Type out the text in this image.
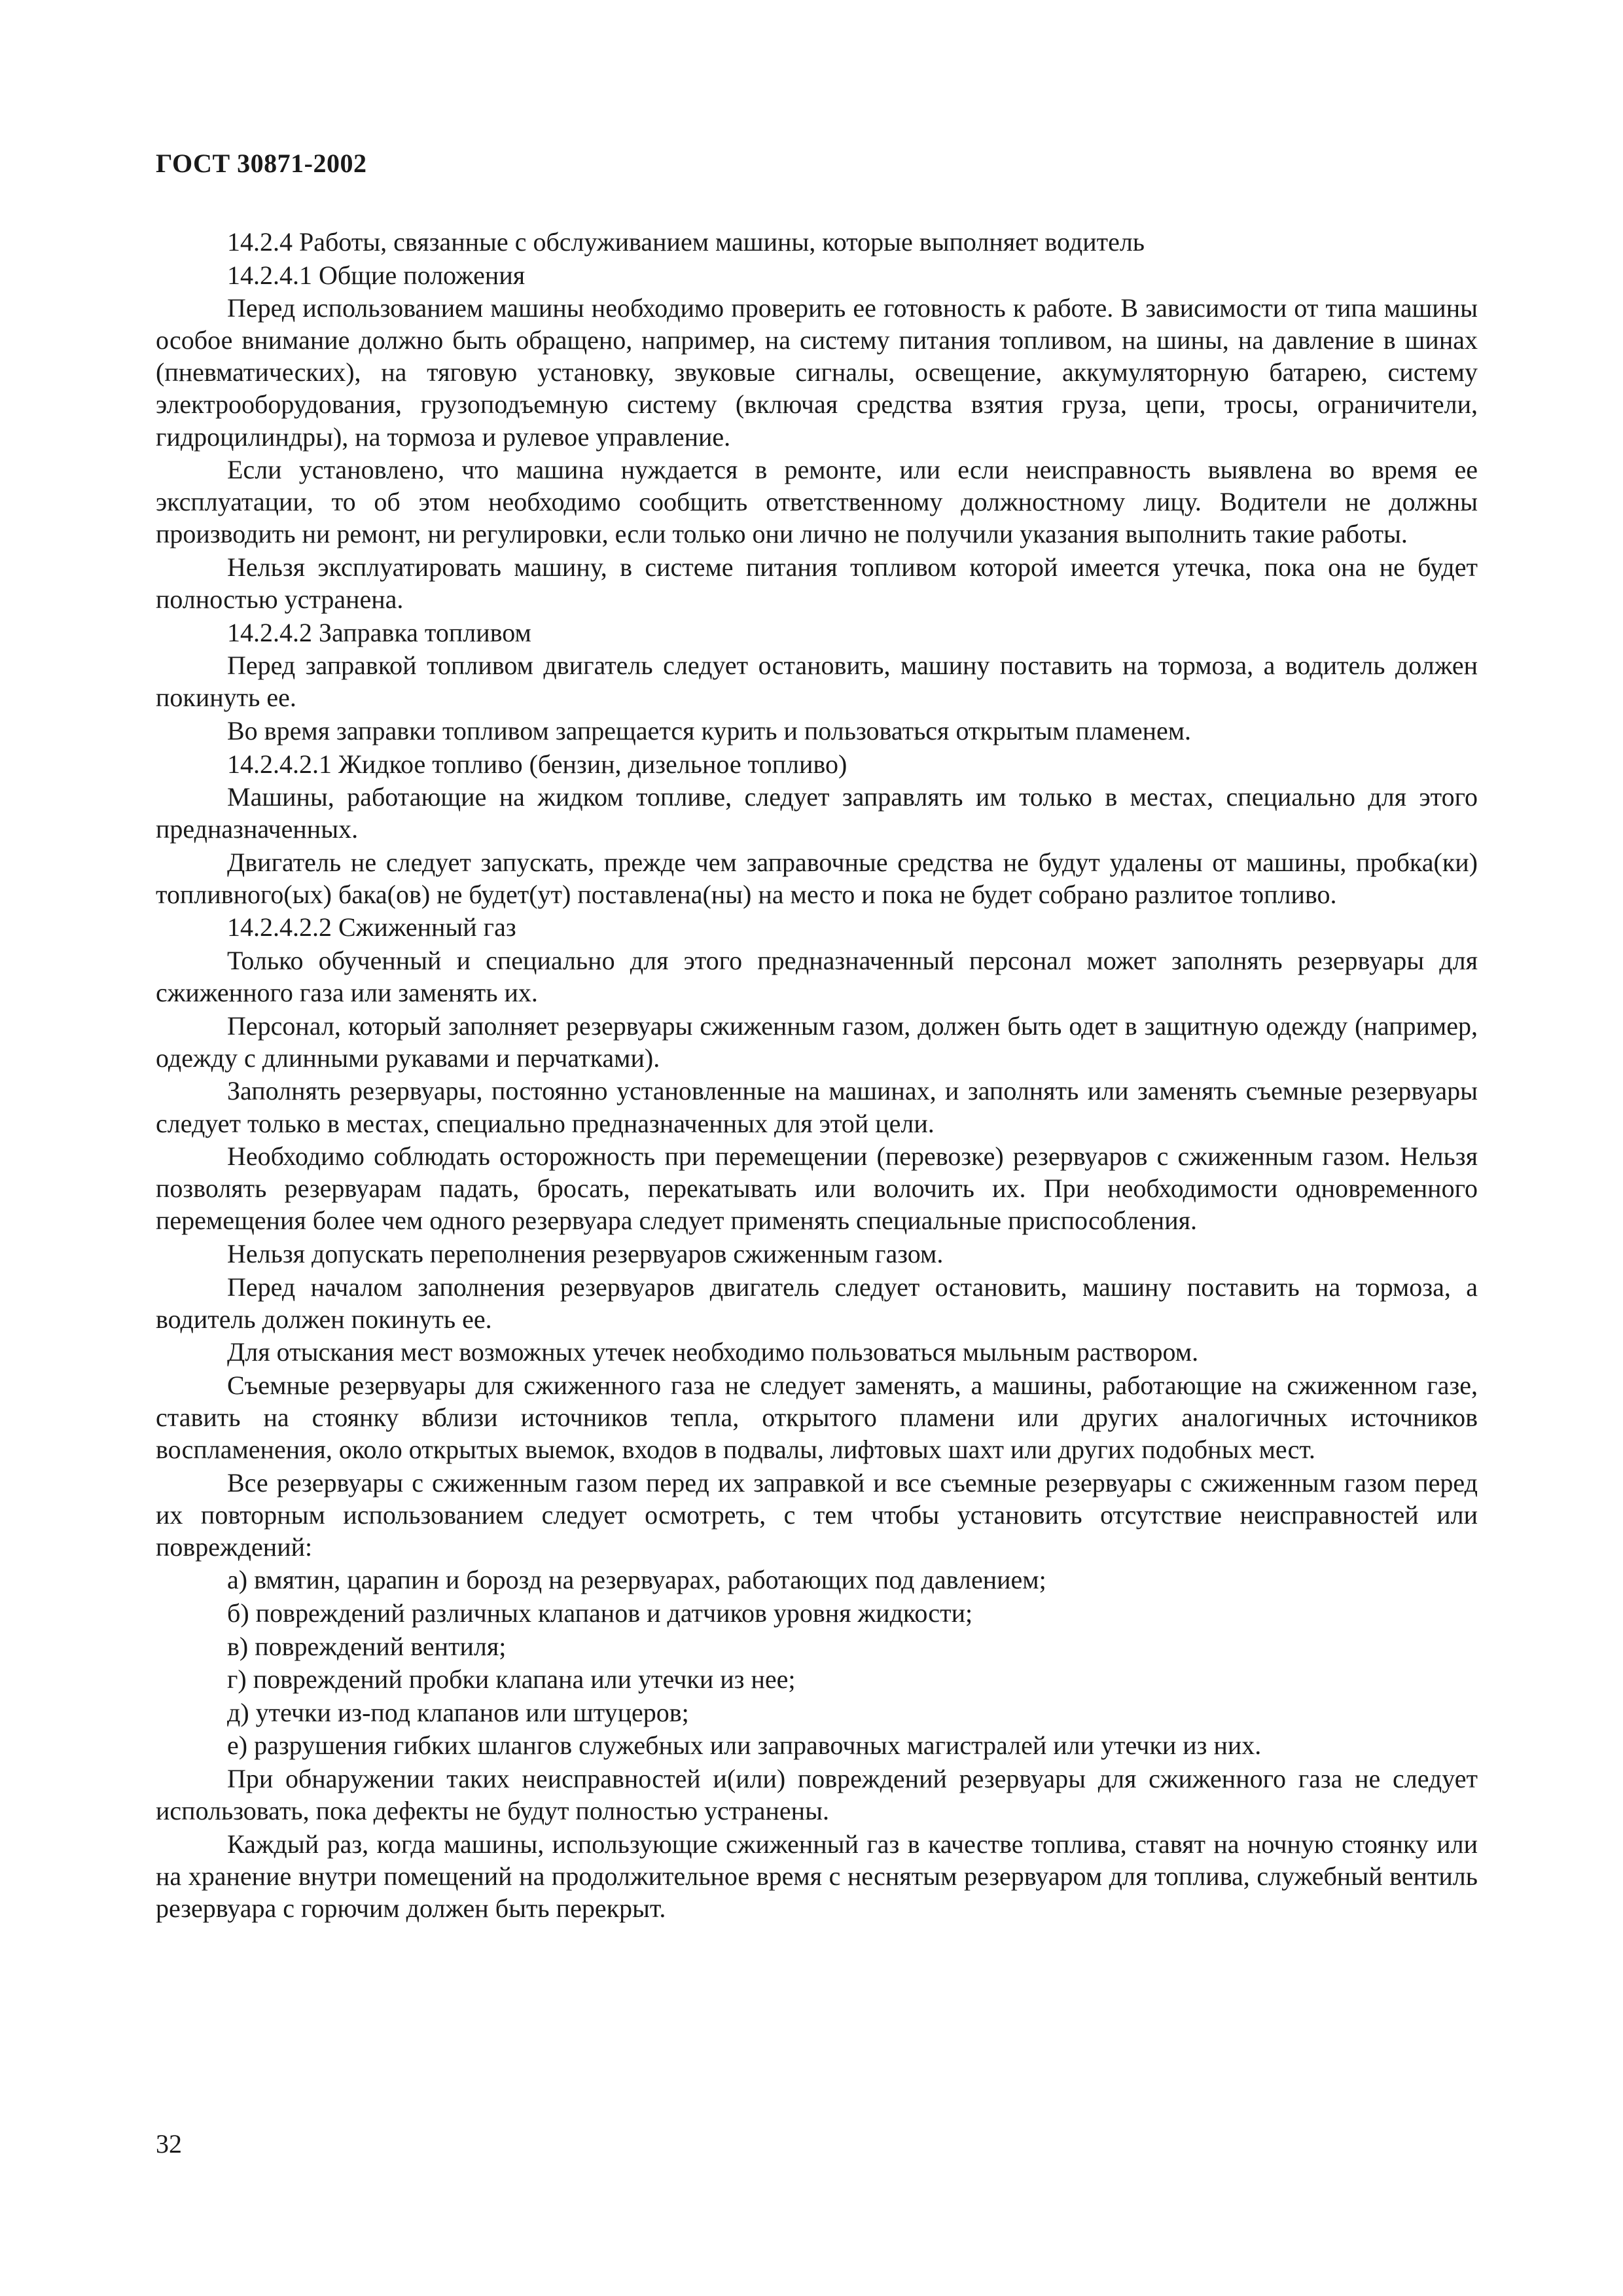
ГОСТ 30871-2002
14.2.4 Работы, связанные с обслуживанием машины, которые выполняет водитель
14.2.4.1 Общие положения
Перед использованием машины необходимо проверить ее готовность к работе. В зависимости от типа машины особое внимание должно быть обращено, например, на систему питания топливом, на шины, на давление в шинах (пневматических), на тяговую установку, звуковые сигналы, освещение, аккумуляторную батарею, систему электрооборудования, грузоподъемную систему (включая средства взятия груза, цепи, тросы, ограничители, гидроцилиндры), на тормоза и рулевое управление.
Если установлено, что машина нуждается в ремонте, или если неисправность выявлена во время ее эксплуатации, то об этом необходимо сообщить ответственному должностному лицу. Водители не должны производить ни ремонт, ни регулировки, если только они лично не получили указания выполнить такие работы.
Нельзя эксплуатировать машину, в системе питания топливом которой имеется утечка, пока она не будет полностью устранена.
14.2.4.2 Заправка топливом
Перед заправкой топливом двигатель следует остановить, машину поставить на тормоза, а водитель должен покинуть ее.
Во время заправки топливом запрещается курить и пользоваться открытым пламенем.
14.2.4.2.1 Жидкое топливо (бензин, дизельное топливо)
Машины, работающие на жидком топливе, следует заправлять им только в местах, специально для этого предназначенных.
Двигатель не следует запускать, прежде чем заправочные средства не будут удалены от машины, пробка(ки) топливного(ых) бака(ов) не будет(ут) поставлена(ны) на место и пока не будет собрано разлитое топливо.
14.2.4.2.2 Сжиженный газ
Только обученный и специально для этого предназначенный персонал может заполнять резервуары для сжиженного газа или заменять их.
Персонал, который заполняет резервуары сжиженным газом, должен быть одет в защитную одежду (например, одежду с длинными рукавами и перчатками).
Заполнять резервуары, постоянно установленные на машинах, и заполнять или заменять съемные резервуары следует только в местах, специально предназначенных для этой цели.
Необходимо соблюдать осторожность при перемещении (перевозке) резервуаров с сжиженным газом. Нельзя позволять резервуарам падать, бросать, перекатывать или волочить их. При необходимости одновременного перемещения более чем одного резервуара следует применять специальные приспособления.
Нельзя допускать переполнения резервуаров сжиженным газом.
Перед началом заполнения резервуаров двигатель следует остановить, машину поставить на тормоза, а водитель должен покинуть ее.
Для отыскания мест возможных утечек необходимо пользоваться мыльным раствором.
Съемные резервуары для сжиженного газа не следует заменять, а машины, работающие на сжиженном газе, ставить на стоянку вблизи источников тепла, открытого пламени или других аналогичных источников воспламенения, около открытых выемок, входов в подвалы, лифтовых шахт или других подобных мест.
Все резервуары с сжиженным газом перед их заправкой и все съемные резервуары с сжиженным газом перед их повторным использованием следует осмотреть, с тем чтобы установить отсутствие неисправностей или повреждений:
а) вмятин, царапин и борозд на резервуарах, работающих под давлением;
б) повреждений различных клапанов и датчиков уровня жидкости;
в) повреждений вентиля;
г) повреждений пробки клапана или утечки из нее;
д) утечки из-под клапанов или штуцеров;
е) разрушения гибких шлангов служебных или заправочных магистралей или утечки из них.
При обнаружении таких неисправностей и(или) повреждений резервуары для сжиженного газа не следует использовать, пока дефекты не будут полностью устранены.
Каждый раз, когда машины, использующие сжиженный газ в качестве топлива, ставят на ночную стоянку или на хранение внутри помещений на продолжительное время с неснятым резервуаром для топлива, служебный вентиль резервуара с горючим должен быть перекрыт.
32
